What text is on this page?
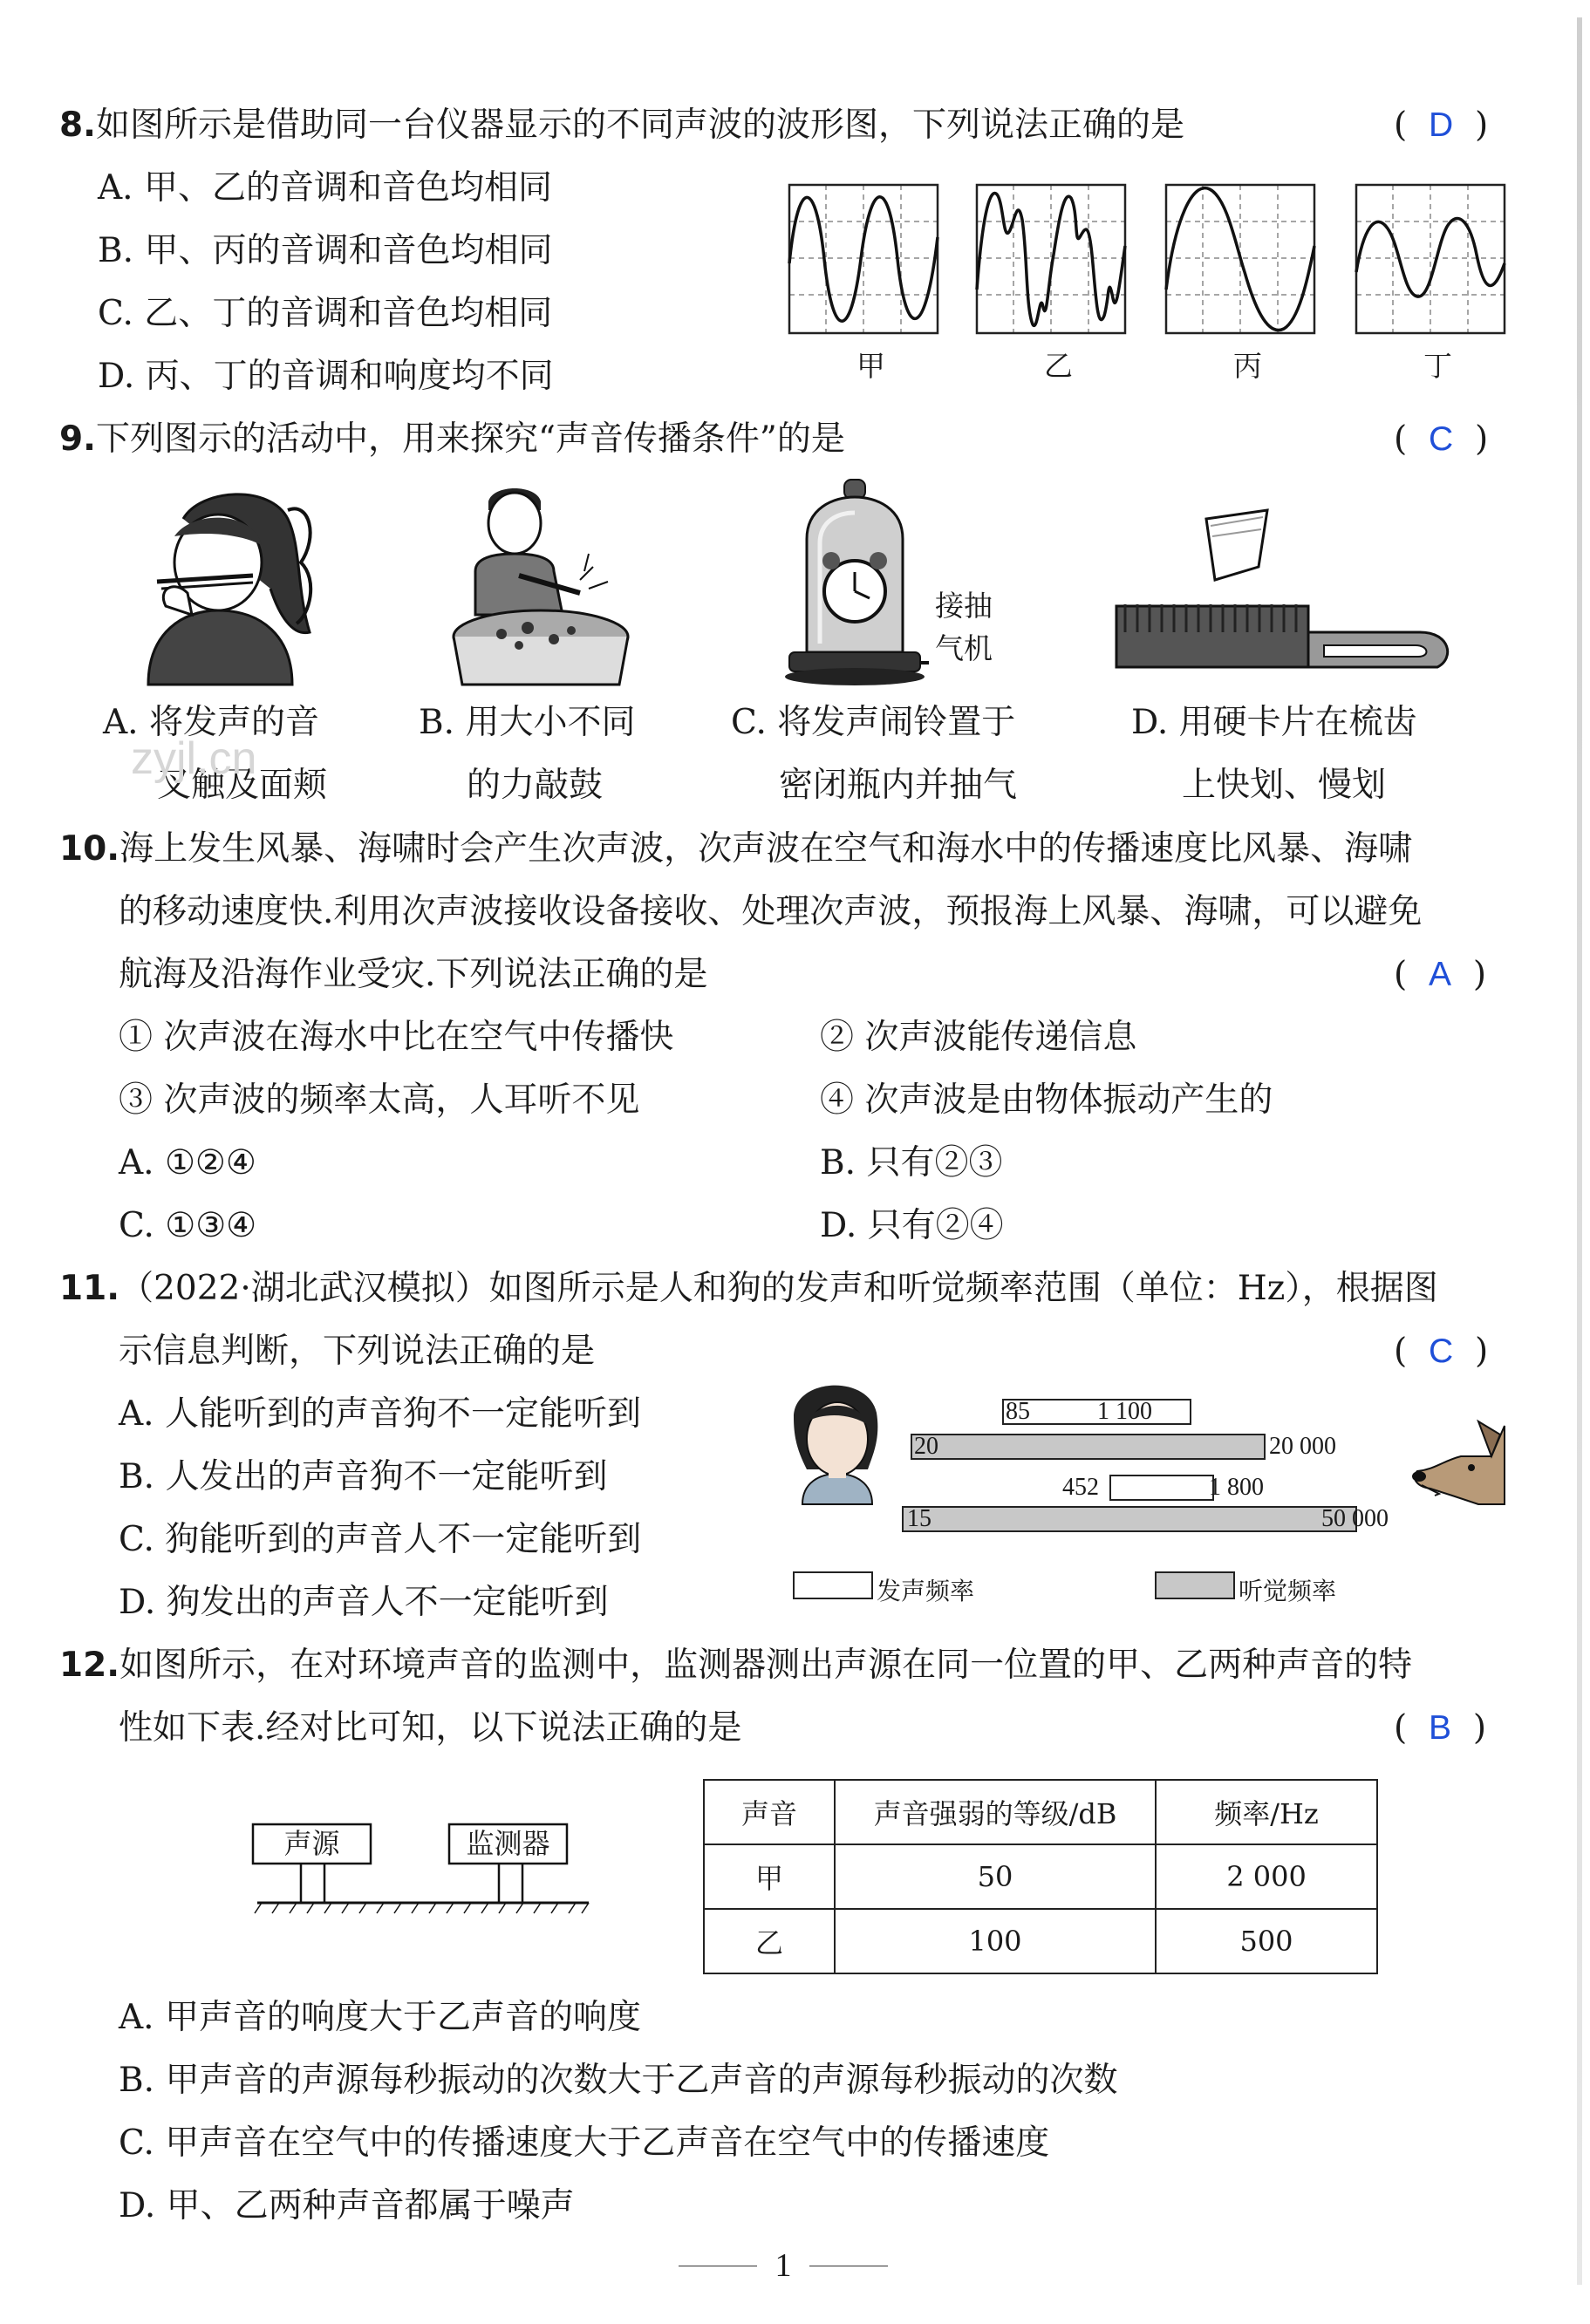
8.如图所示是借助同一台仪器显示的不同声波的波形图，下列说法正确的是	(  D  )
A. 甲、乙的音调和音色均相同
B. 甲、丙的音调和音色均相同
C. 乙、丁的音调和音色均相同
D. 丙、丁的音调和响度均不同	甲	乙	丙	丁
9.下列图示的活动中，用来探究“声音传播条件”的是	(  C  )
接抽
气机
A. 将发声的音
叉触及面颊
B. 用大小不同
的力敲鼓
C. 将发声闹铃置于
密闭瓶内并抽气
D. 用硬卡片在梳齿
上快划、慢划
zyjl.cn
10.海上发生风暴、海啸时会产生次声波，次声波在空气和海水中的传播速度比风暴、海啸
的移动速度快.利用次声波接收设备接收、处理次声波，预报海上风暴、海啸，可以避免
航海及沿海作业受灾.下列说法正确的是	(  A  )
① 次声波在海水中比在空气中传播快	② 次声波能传递信息
③ 次声波的频率太高，人耳听不见	④ 次声波是由物体振动产生的
A. ①②④	B. 只有②③
C. ①③④	D. 只有②④
11.（2022·湖北武汉模拟）如图所示是人和狗的发声和听觉频率范围（单位：Hz），根据图
示信息判断，下列说法正确的是	(  C  )
A. 人能听到的声音狗不一定能听到
B. 人发出的声音狗不一定能听到
C. 狗能听到的声音人不一定能听到
D. 狗发出的声音人不一定能听到	发声频率	听觉频率
85	1 100
20	20 000
452	1 800
15	50 000
12.如图所示，在对环境声音的监测中，监测器测出声源在同一位置的甲、乙两种声音的特
性如下表.经对比可知，以下说法正确的是	(  B  )
声源	监测器
声音	声音强弱的等级/dB	频率/Hz
甲	50	2 000
乙	100	500
A. 甲声音的响度大于乙声音的响度
B. 甲声音的声源每秒振动的次数大于乙声音的声源每秒振动的次数
C. 甲声音在空气中的传播速度大于乙声音在空气中的传播速度
D. 甲、乙两种声音都属于噪声
1
